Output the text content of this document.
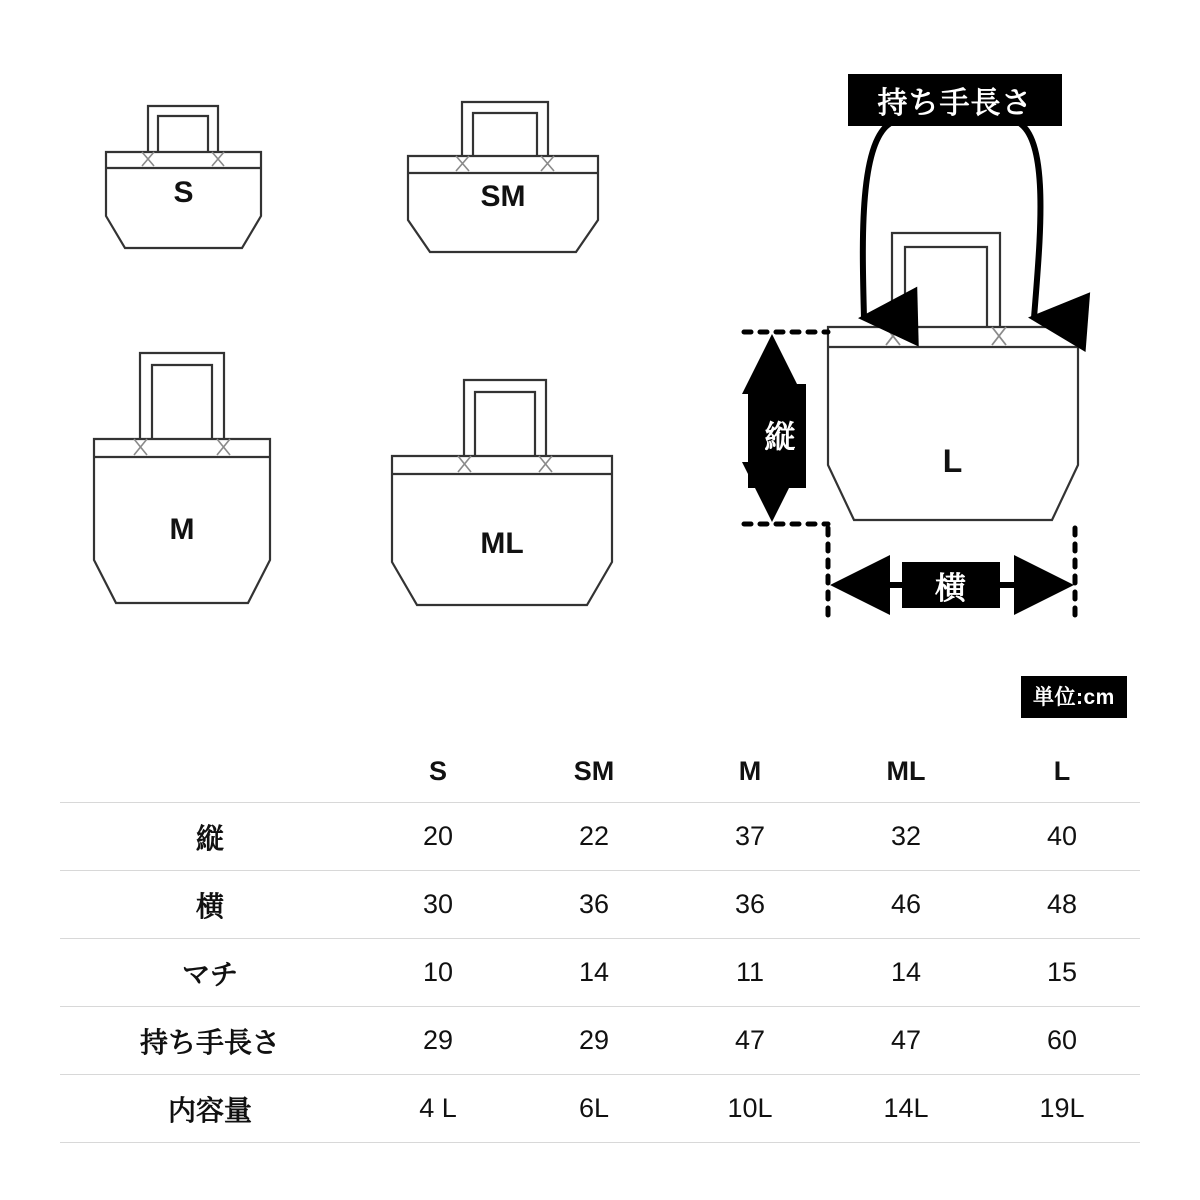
S	SM
M	ML
L
持ち手長さ
縦
横
単位:cm
	S	SM	M	ML	L
縦	20	22	37	32	40
横	30	36	36	46	48
マチ	10	14	11	14	15
持ち手長さ	29	29	47	47	60
内容量	4 L	6L	10L	14L	19L
